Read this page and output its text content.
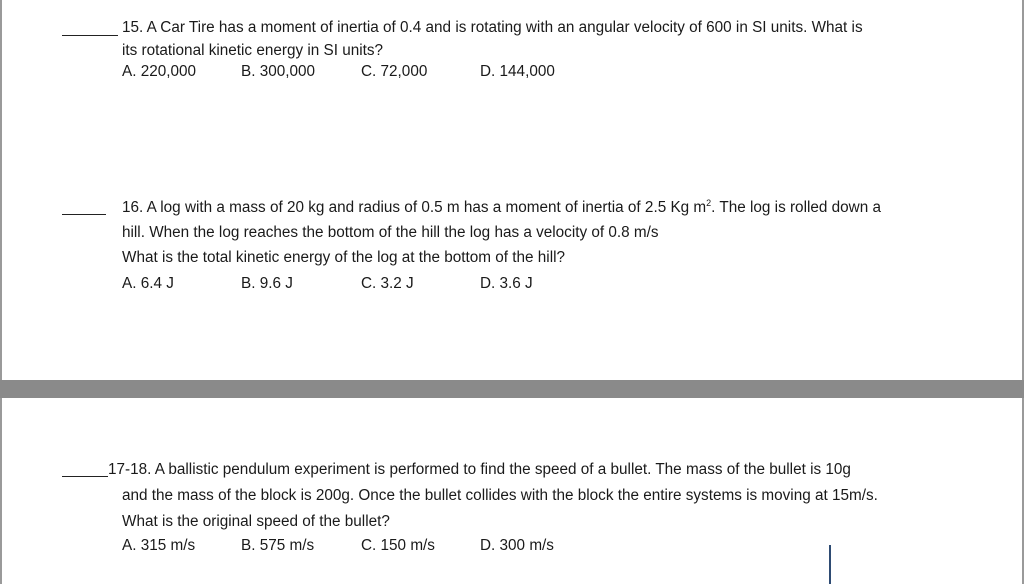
15. A Car Tire has a moment of inertia of 0.4 and is rotating with an angular velocity of 600 in SI units. What is
its rotational kinetic energy in SI units?

A. 220,000	B. 300,000	C. 72,000	D. 144,000

16. A log with a mass of 20 kg and radius of 0.5 m has a moment of inertia of 2.5 Kg $m^2$. The log is rolled down a
hill. When the log reaches the bottom of the hill the log has a velocity of 0.8 m/s
What is the total kinetic energy of the log at the bottom of the hill?

A. 6.4 J	B. 9.6 J	C. 3.2 J	D. 3.6 J

17-18. A ballistic pendulum experiment is performed to find the speed of a bullet. The mass of the bullet is 10g
and the mass of the block is 200g. Once the bullet collides with the block the entire systems is moving at 15m/s.
What is the original speed of the bullet?

A. 315 m/s	B. 575 m/s	C. 150 m/s	D. 300 m/s
